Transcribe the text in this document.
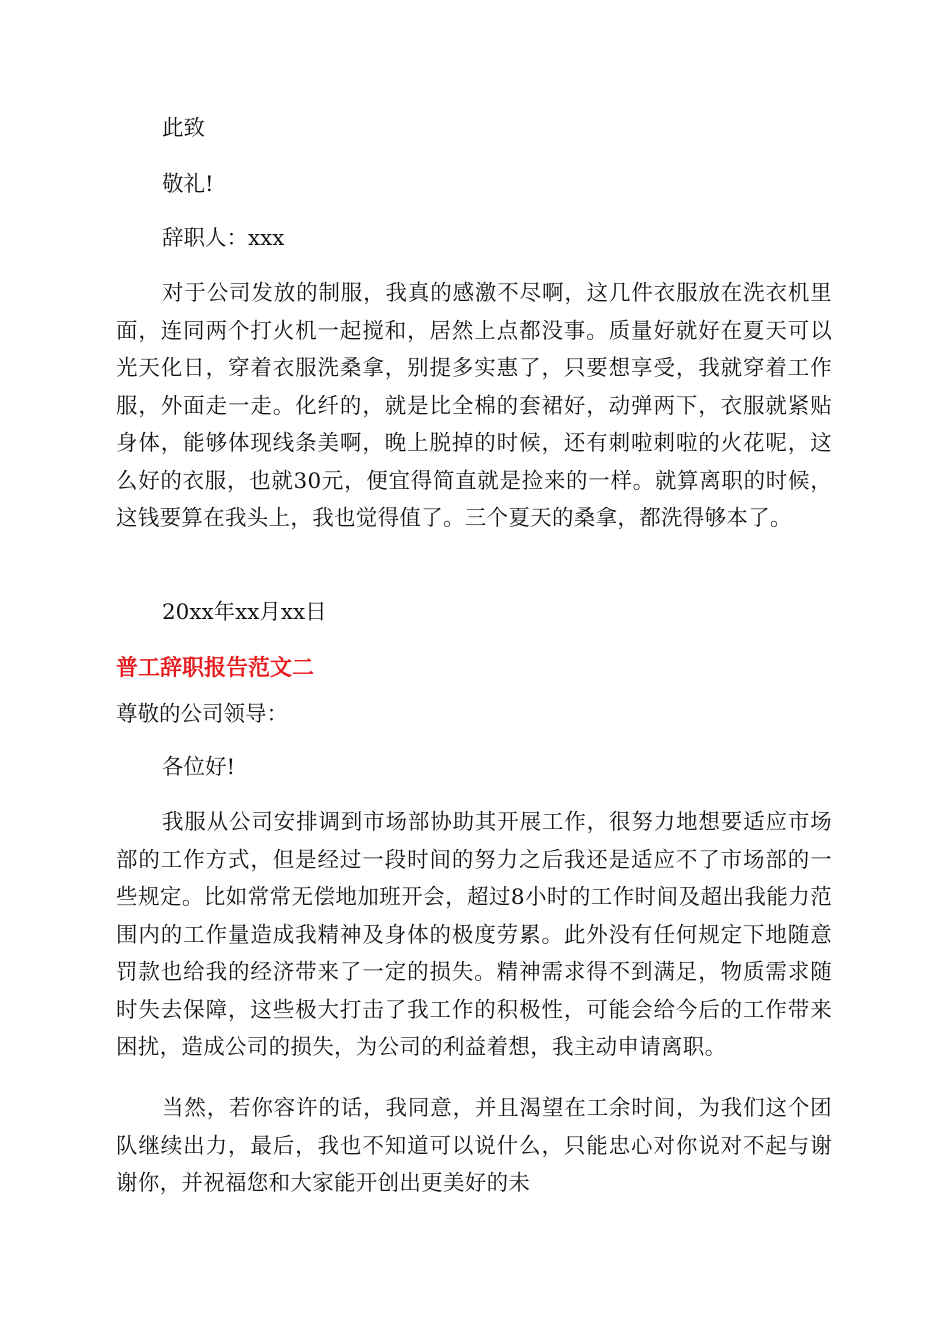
此致

敬礼!

辞职人：xxx

对于公司发放的制服，我真的感激不尽啊，这几件衣服放在洗衣机里面，连同两个打火机一起搅和，居然上点都没事。质量好就好在夏天可以光天化日，穿着衣服洗桑拿，别提多实惠了，只要想享受，我就穿着工作服，外面走一走。化纤的，就是比全棉的套裙好，动弹两下，衣服就紧贴身体，能够体现线条美啊，晚上脱掉的时候，还有刺啦刺啦的火花呢，这么好的衣服，也就30元，便宜得简直就是捡来的一样。就算离职的时候，这钱要算在我头上，我也觉得值了。三个夏天的桑拿，都洗得够本了。

20xx年xx月xx日

普工辞职报告范文二

尊敬的公司领导：

各位好!

我服从公司安排调到市场部协助其开展工作，很努力地想要适应市场部的工作方式，但是经过一段时间的努力之后我还是适应不了市场部的一些规定。比如常常无偿地加班开会，超过8小时的工作时间及超出我能力范围内的工作量造成我精神及身体的极度劳累。此外没有任何规定下地随意罚款也给我的经济带来了一定的损失。精神需求得不到满足，物质需求随时失去保障，这些极大打击了我工作的积极性，可能会给今后的工作带来困扰，造成公司的损失，为公司的利益着想，我主动申请离职。

当然，若你容许的话，我同意，并且渴望在工余时间，为我们这个团队继续出力，最后，我也不知道可以说什么，只能忠心对你说对不起与谢谢你，并祝福您和大家能开创出更美好的未
